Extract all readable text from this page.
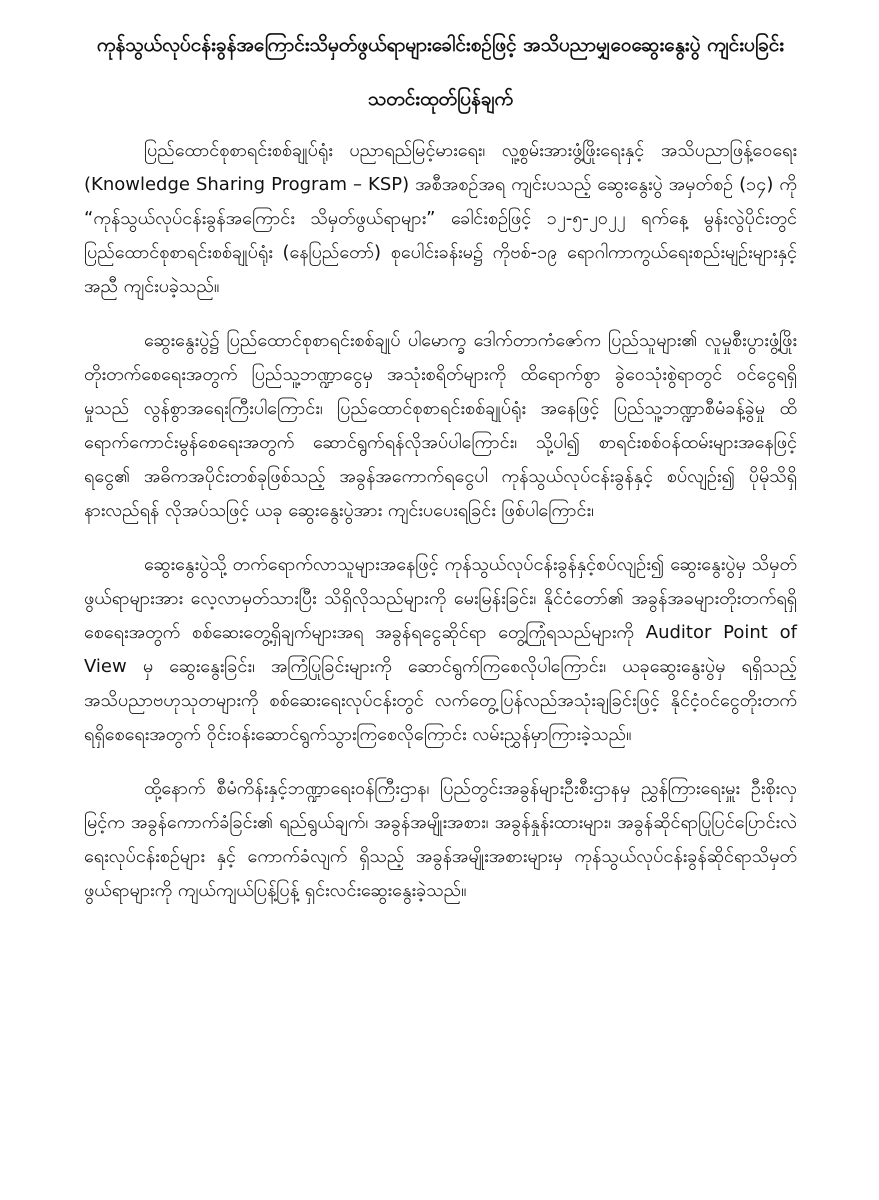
ကုန်သွယ်လုပ်ငန်းခွန်အကြောင်းသိမှတ်ဖွယ်ရာများခေါင်းစဉ်ဖြင့် အသိပညာမျှဝေဆွေးနွေးပွဲ ကျင်းပခြင်း
သတင်းထုတ်ပြန်ချက်

ပြည်ထောင်စုစာရင်းစစ်ချုပ်ရုံး ပညာရည်မြင့်မားရေး၊ လူ့စွမ်းအားဖွံ့ဖြိုးရေးနှင့် အသိပညာဖြန့်ဝေရေး (Knowledge Sharing Program – KSP) အစီအစဉ်အရ ကျင်းပသည့် ဆွေးနွေးပွဲ အမှတ်စဉ် (၁၄) ကို “ကုန်သွယ်လုပ်ငန်းခွန်အကြောင်း သိမှတ်ဖွယ်ရာများ” ခေါင်းစဉ်ဖြင့် ၁၂-၅-၂၀၂၂ ရက်နေ့ မွန်းလွဲပိုင်းတွင် ပြည်ထောင်စုစာရင်းစစ်ချုပ်ရုံး (နေပြည်တော်) စုပေါင်းခန်းမ၌ ကိုဗစ်-၁၉ ရောဂါကာကွယ်ရေးစည်းမျဉ်းများနှင့်အညီ ကျင်းပခဲ့သည်။

ဆွေးနွေးပွဲ၌ ပြည်ထောင်စုစာရင်းစစ်ချုပ် ပါမောက္ခ ဒေါက်တာကံဇော်က ပြည်သူများ၏ လူမှုစီးပွားဖွံ့ဖြိုးတိုးတက်စေရေးအတွက် ပြည်သူ့ဘဏ္ဍာငွေမှ အသုံးစရိတ်များကို ထိရောက်စွာ ခွဲဝေသုံးစွဲရာတွင် ဝင်ငွေရရှိမှုသည် လွန်စွာအရေးကြီးပါကြောင်း၊ ပြည်ထောင်စုစာရင်းစစ်ချုပ်ရုံး အနေဖြင့် ပြည်သူ့ဘဏ္ဍာစီမံခန့်ခွဲမှု ထိရောက်ကောင်းမွန်စေရေးအတွက် ဆောင်ရွက်ရန်လိုအပ်ပါကြောင်း၊ သို့ပါ၍ စာရင်းစစ်ဝန်ထမ်းများအနေဖြင့် ရငွေ၏ အဓိကအပိုင်းတစ်ခုဖြစ်သည့် အခွန်အကောက်ရငွေပါ ကုန်သွယ်လုပ်ငန်းခွန်နှင့် စပ်လျဉ်း၍ ပိုမိုသိရှိနားလည်ရန် လိုအပ်သဖြင့် ယခု ဆွေးနွေးပွဲအား ကျင်းပပေးရခြင်း ဖြစ်ပါကြောင်း၊

ဆွေးနွေးပွဲသို့ တက်ရောက်လာသူများအနေဖြင့် ကုန်သွယ်လုပ်ငန်းခွန်နှင့်စပ်လျဉ်း၍ ဆွေးနွေးပွဲမှ သိမှတ်ဖွယ်ရာများအား လေ့လာမှတ်သားပြီး သိရှိလိုသည်များကို မေးမြန်းခြင်း၊ နိုင်ငံတော်၏ အခွန်အခများတိုးတက်ရရှိစေရေးအတွက် စစ်ဆေးတွေ့ရှိချက်များအရ အခွန်ရငွေဆိုင်ရာ တွေ့ကြုံရသည်များကို Auditor Point of View မှ ဆွေးနွေးခြင်း၊ အကြံပြုခြင်းများကို ဆောင်ရွက်ကြစေလိုပါကြောင်း၊ ယခုဆွေးနွေးပွဲမှ ရရှိသည့် အသိပညာဗဟုသုတများကို စစ်ဆေးရေးလုပ်ငန်းတွင် လက်တွေ့ပြန်လည်အသုံးချခြင်းဖြင့် နိုင်ငံ့ဝင်ငွေတိုးတက် ရရှိစေရေးအတွက် ဝိုင်းဝန်းဆောင်ရွက်သွားကြစေလိုကြောင်း လမ်းညွှန်မှာကြားခဲ့သည်။

ထို့နောက် စီမံကိန်းနှင့်ဘဏ္ဍာရေးဝန်ကြီးဌာန၊ ပြည်တွင်းအခွန်များဦးစီးဌာနမှ ညွှန်ကြားရေးမှူး ဦးစိုးလှမြင့်က အခွန်ကောက်ခံခြင်း၏ ရည်ရွယ်ချက်၊ အခွန်အမျိုးအစား၊ အခွန်နှုန်းထားများ၊ အခွန်ဆိုင်ရာပြုပြင်ပြောင်းလဲရေးလုပ်ငန်းစဉ်များ နှင့် ကောက်ခံလျက် ရှိသည့် အခွန်အမျိုးအစားများမှ ကုန်သွယ်လုပ်ငန်းခွန်ဆိုင်ရာသိမှတ်ဖွယ်ရာများကို ကျယ်ကျယ်ပြန့်ပြန့် ရှင်းလင်းဆွေးနွေးခဲ့သည်။
